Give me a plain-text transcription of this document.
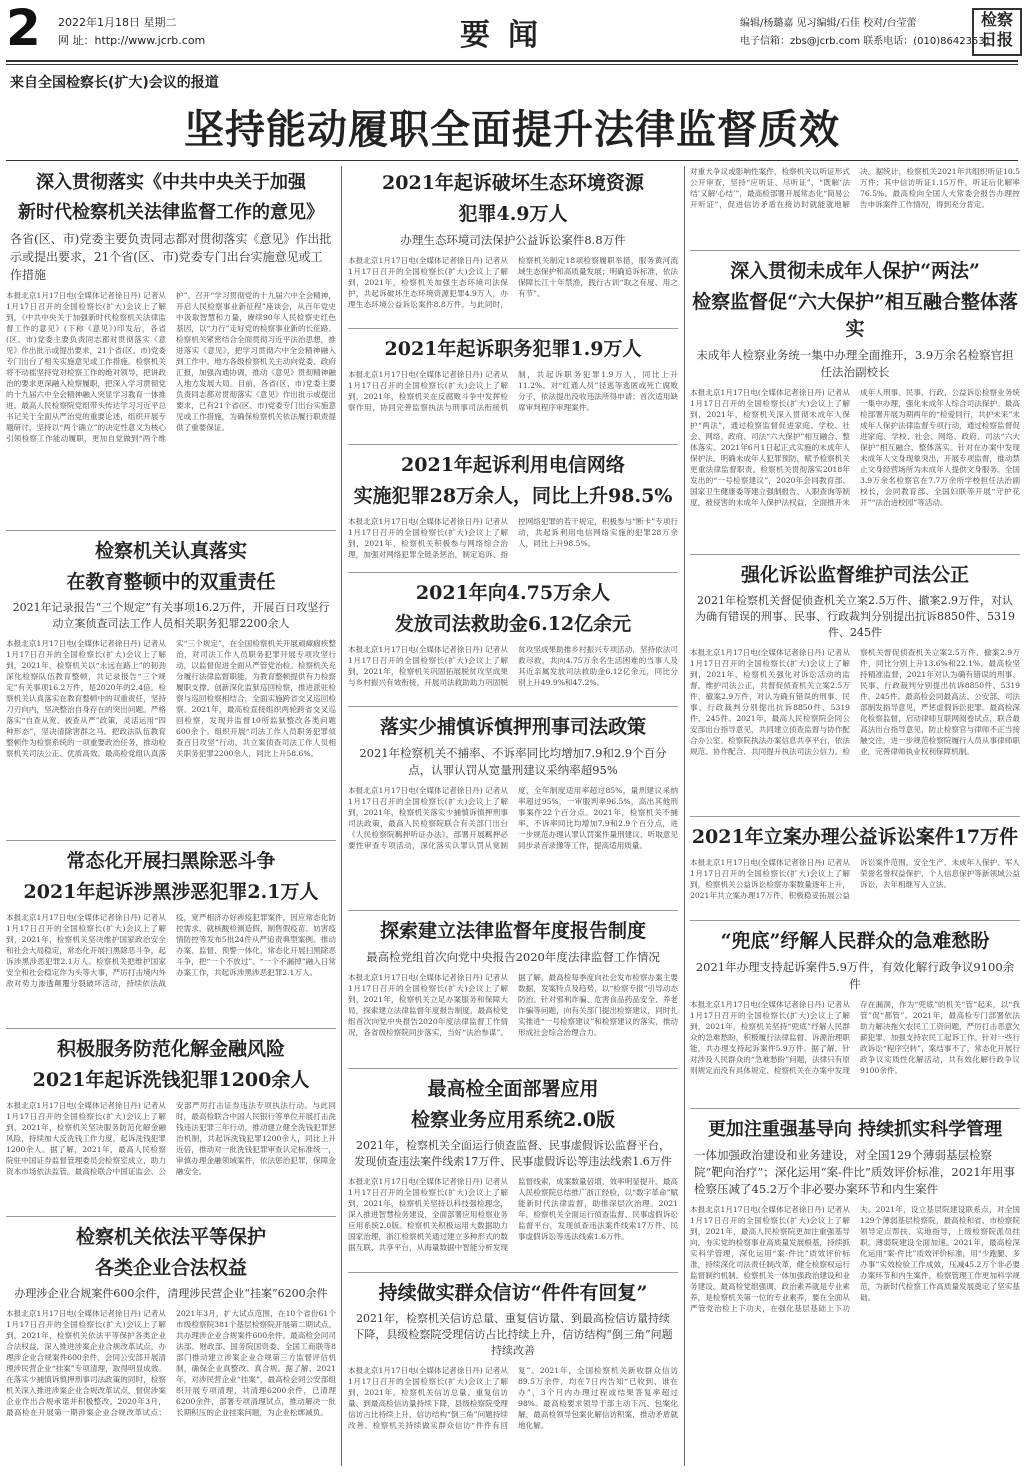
2 2022年1月18日 星期二
网 址：http://www.jcrb.com	要闻	编辑/杨璐嘉 见习编辑/石佳 校对/台莹蕾
电子信箱：zbs@jcrb.com 联系电话：(010)86423531
检察日报
来自全国检察长(扩大)会议的报道
坚持能动履职全面提升法律监督质效
深入贯彻落实《中共中央关于加强
新时代检察机关法律监督工作的意见》
各省(区、市)党委主要负责同志都对贯彻落实《意见》作出批示或提出要求，21个省(区、市)党委专门出台实施意见或工作措施
本报北京1月17日电(全媒体记者徐日丹) 记者从1月17日召开的全国检察长(扩大)会议上了解到，《中共中央关于加强新时代检察机关法律监督工作的意见》(下称《意见》)印发后，各省(区、市)党委主要负责同志都对贯彻落实《意见》作出批示或提出要求，21个省(区、市)党委专门出台了相关实施意见或工作措施。检察机关将不动摇坚持党对检察工作的绝对领导，把讲政治的要求更深融入检察履职，把深入学习贯彻党的十九届六中全会精神融入突显学习教育一体推进。最高人民检察院党组带头传达学习习近平总书记关于全面从严治党的重要论述，组织开展专题研讨，坚持以“两个确立”的决定性意义为核心引领检察工作能动履职，更加自觉做到“两个维护”。召开“学习贯彻党的十九届六中全会精神，开启人民检察事业新征程”座谈会，从百年党史中汲取智慧和力量，赓续90年人民检察史红色基因，以“力行”走好党的检察事业新的长征路。检察机关紧密结合全面贯彻习近平法治思想，推进落实《意见》，把学习贯彻六中全会精神融入到工作中。地方各级检察机关主动向党委、政府汇报，加强沟通协调，推动《意见》贯彻精神融入地方发展大局。目前，各省(区、市)党委主要负责同志都对贯彻落实《意见》作出批示或提出要求，已有21个省(区、市)党委专门出台实施意见或工作措施，为确保检察机关依法履行职责提供了重要保证。
检察机关认真落实
在教育整顿中的双重责任
2021年记录报告“三个规定”有关事项16.2万件，开展百日攻坚行动立案侦查司法工作人员相关职务犯罪2200余人
本报北京1月17日电(全媒体记者徐日丹) 记者从1月17日召开的全国检察长(扩大)会议上了解到，2021年，检察机关以“永远在路上”的韧劲深化检察队伍教育整顿，共记录报告“三个规定”有关事项16.2万件，是2020年的2.4倍。检察机关认真落实在教育整顿中的双重责任，坚持刀刃向内，坚决整治自身存在的突出问题。严格落实“自查从宽、被查从严”政策，灵活运用“四种形态”，坚决清除害群之马。把政法队伍教育整顿作为检察系统的一项重要政治任务，推动检察机关司法公正、优质高效。最高检党组认真落实“三个规定”，在全国检察机关开展顽瘴痼疾整治，对司法工作人员职务犯罪开展专项攻坚行动，以监督促进全面从严管党治检。检察机关充分履行法律监督职能，为教育整顿提供有力检察履职支撑。创新深化监狱巡回检察，推进派驻检察与巡回检察相结合，全面实施跨省交叉巡回检察。2021年，最高检直接组织两轮跨省交叉巡回检察，发现并监督10所监狱整改各类问题600余个。组织开展“司法工作人员职务犯罪侦查百日攻坚”行动，共立案侦查司法工作人员相关职务犯罪2200余人，同比上升58.6%。
常态化开展扫黑除恶斗争
2021年起诉涉黑涉恶犯罪2.1万人
本报北京1月17日电(全媒体记者徐日丹) 记者从1月17日召开的全国检察长(扩大)会议上了解到，2021年，检察机关坚决维护国家政治安全和社会大局稳定，常态化开展扫黑除恶斗争，起诉涉黑涉恶犯罪2.1万人。检察机关把维护国家安全和社会稳定作为头等大事，严厉打击境内外敌对势力渗透颠覆分裂破坏活动，持续依法战疫，宽严相济办好涉疫犯罪案件，因应常态化防控需求，就核酸检测造假、制售假疫苗、妨害疫情防控等发布5批24件从严追责典型案例。推动办案、监督、预警一体化，常态化开展扫黑除恶斗争，把“一个不放过”、“一个不漏掉”融入日常办案工作，共起诉涉黑涉恶犯罪2.1万人。
积极服务防范化解金融风险
2021年起诉洗钱犯罪1200余人
本报北京1月17日电(全媒体记者徐日丹) 记者从1月17日召开的全国检察长(扩大)会议上了解到，2021年，检察机关坚决服务防范化解金融风险，持续加大反洗钱工作力度，起诉洗钱犯罪1200余人。据了解，2021年，最高人民检察院驻中国证券监督管理委员会检察室成立，助力资本市场依法监管。最高检联合中国证监会、公安部严厉打击证券违法专项执法行动。与此同时，最高检联合中国人民银行等单位开展打击洗钱违法犯罪三年行动，推动建立健全洗钱犯罪惩治机制，共起诉洗钱犯罪1200余人，同比上升近倍，推动对一批洗钱犯罪审查认定标准统一，审慎办理金融领域案件，依法惩治犯罪，保障金融安全。
检察机关依法平等保护
各类企业合法权益
办理涉企业合规案件600余件，清理涉民营企业“挂案”6200余件
本报北京1月17日电(全媒体记者徐日丹) 记者从1月17日召开的全国检察长(扩大)会议上了解到，2021年，检察机关依法平等保护各类企业合法权益，深入推进涉案企业合规改革试点，办理涉企业合规案件600余件，会同公安部开展清理涉民营企业“挂案”专项清理，取得明显成效。在落实少捕慎诉慎押刑事司法政策的同时，检察机关深入推进涉案企业合规改革试点，督促涉案企业作出合规承诺并积极整改。2020年3月，最高检在开展第一期涉案企业合规改革试点；2021年3月，扩大试点范围，在10个省份61个市级检察院381个基层检察院开展第二期试点。共办理涉企业合规案件600余件。最高检会同司法部、财政部、国务院国资委、全国工商联等8部门推动建立涉案企业合规第三方监督评估机制，确保企业真整改、真合规。据了解，2021年，对涉民营企业“挂案”，最高检会同公安部组织开展专项清理，共清理6200余件，已清理6200余件，部署专项清理试点，推动解决一批长期积压的企业挂案问题，为企业松绑减负。
2021年起诉破坏生态环境资源
犯罪4.9万人
办理生态环境司法保护公益诉讼案件8.8万件
本报北京1月17日电(全媒体记者徐日丹) 记者从1月17日召开的全国检察长(扩大)会议上了解到，2021年，检察机关加强生态环境司法保护，共起诉破坏生态环境资源犯罪4.9万人，办理生态环境公益诉讼案件8.8万件。与此同时，检察机关制定18项检察履职举措，服务黄河流域生态保护和高质量发展；明确追诉标准，依法保障长江十年禁渔，践行古训“取之有度、用之有节”。
2021年起诉职务犯罪1.9万人
本报北京1月17日电(全媒体记者徐日丹) 记者从1月17日召开的全国检察长(扩大)会议上了解到，2021年，检察机关在反腐败斗争中发挥检察作用，协同完善监察执法与刑事司法衔接机制，共起诉职务犯罪1.9万人，同比上升11.2%。对“红通人员”径逃等逃匿或死亡腐败分子，依法提出没收违法所得申请；首次适用缺席审判程序审理案件。
2021年起诉利用电信网络
实施犯罪28万余人，同比上升98.5%
本报北京1月17日电(全媒体记者徐日丹) 记者从1月17日召开的全国检察长(扩大)会议上了解到，2021年，检察机关积极参与网络综合治理，加强对网络犯罪全链条惩治，制定追诉、指控网络犯罪的若干规定，积极参与“断卡”专项行动，共起诉利用电信网络实施的犯罪28万余人，同比上升98.5%。
2021年向4.75万余人
发放司法救助金6.12亿余元
本报北京1月17日电(全媒体记者徐日丹) 记者从1月17日召开的全国检察长(扩大)会议上了解到，2021年，检察机关巩固拓展脱贫攻坚成果与乡村振兴有效衔接，开展司法救助助力巩固脱贫攻坚成果助推乡村振兴专项活动，坚持依法可救尽救，共向4.75万余名生活困难的当事人及其近亲属发放司法救助金6.12亿余元，同比分别上升49.9%和47.2%。
落实少捕慎诉慎押刑事司法政策
2021年检察机关不捕率、不诉率同比均增加7.9和2.9个百分点，认罪认罚从宽量刑建议采纳率超95%
本报北京1月17日电(全媒体记者徐日丹) 记者从1月17日召开的全国检察长(扩大)会议上了解到，2021年，检察机关落实少捕慎诉慎押刑事司法政策，最高人民检察院联合有关部门出台《人民检察院羁押听证办法》，部署开展羁押必要性审查专项活动，深化落实认罪认罚从宽制度，全年制度适用率超过85%，量刑建议采纳率超过95%，一审服判率96.5%，高出其他刑事案件22个百分点。2021年，检察机关不捕率、不诉率同比均增加7.9和2.9个百分点，进一步规范办理认罪认罚案件量刑建议、听取意见同步录音录像等工作，提高适用质量。
探索建立法律监督年度报告制度
最高检党组首次向党中央报告2020年度法律监督工作情况
本报北京1月17日电(全媒体记者徐日丹) 记者从1月17日召开的全国检察长(扩大)会议上了解到，2021年，检察机关立足办案服务和保障大局，探索建立法律监督年度报告制度，最高检党组首次向党中央报告2020年度法律监督工作情况，各省级检察院同步落实，当好“法治参谋”。据了解，最高检每季度向社会发布检察办案主要数据，发案特点及趋势，以“检察专报”引导动态防治。针对邪利诈骗、危害食品药品安全、养老诈骗等问题，向有关部门提出检察建议，同时扎实推进“一号检察建议”和检察建议的落实，推动形成社会综合治理合力。
最高检全面部署应用
检察业务应用系统2.0版
2021年，检察机关全面运行侦查监督、民事虚假诉讼监督平台，发现侦查违法案件线索17万件、民事虚假诉讼等违法线索1.6万件
本报北京1月17日电(全媒体记者徐日丹) 记者从1月17日召开的全国检察长(扩大)会议上了解到，2021年，检察机关坚持以科技强检理念，深入推进智慧检务建设，全面部署应用检察业务应用系统2.0版。检察机关积极运用大数据助力国家治理，浙江检察机关通过建立多种形式的数据互联、共享平台，从海量数据中智能分析发现监督线索，成案数量倍增，效率明显提升。最高人民检察院总结推广浙江经验，以“数字革命”赋能新时代法律监督，助推深层次治理。2021年，检察机关全面运行侦查监督、民事虚假诉讼监督平台，发现侦查违法案件线索17万件、民事虚假诉讼等违法线索1.6万件。
持续做实群众信访“件件有回复”
2021年，检察机关信访总量、重复信访量、到最高检信访量持续下降，县级检察院受理信访占比持续上升，信访结构“倒三角”问题持续改善
本报北京1月17日电(全媒体记者徐日丹) 记者从1月17日召开的全国检察长(扩大)会议上了解到，2021年，检察机关信访总量、重复信访量、到最高检信访量持续下降，县级检察院受理信访占比持续上升，信访结构“倒三角”问题持续改善。检察机关持续做实群众信访“件件有回复”。2021年，全国检察机关新收群众信访89.5万余件，均在7日内告知“已收到、谁在办”，3个月内办理过程或结果答复率超过98%。最高检要求领导干部主动下沉、包案化解，最高检领导包案化解信访积案，推动矛盾就地化解。
对重大争议或影响性案件，检察机关以听证形式公开审查，坚持“应听证、尽听证”，“既解‘法结’又解‘心结’”，最高检部署开展常态化“简易公开听证”，促进信访矛盾在接访时就能就地解决。据统计，检察机关2021年共组织听证10.5万件；其中信访听证1.15万件，听证后化解率76.5%。最高检向全国人大常委会报告办理控告申诉案件工作情况，得到充分肯定。
深入贯彻未成年人保护“两法”
检察监督促“六大保护”相互融合整体落实
未成年人检察业务统一集中办理全面推开，3.9万余名检察官担任法治副校长
本报北京1月17日电(全媒体记者徐日丹) 记者从1月17日召开的全国检察长(扩大)会议上了解到，2021年，检察机关深入贯彻未成年人保护“两法”，通过检察监督促进家庭、学校、社会、网络、政府、司法“六大保护”相互融合、整体落实。2021年6月1日起正式实施的未成年人保护法，明确未成年人犯罪预防，赋予检察机关更重法律监督职责。检察机关贯彻落实2018年发出的“一号检察建议”，2020年会同教育部、国家卫生健康委等建立强制报告、入职查询等制度，被侵害的未成年人保护法权益，全面推开未成年人刑事、民事、行政、公益诉讼检察业务统一集中办理，强化未成年人综合司法保护。最高检部署开展为期两年的“检爱同行，共护未来”未成年人保护法律监督专项行动，通过检察监督促进家庭、学校、社会、网络、政府、司法“六大保护”相互融合、整体落实。针对在办案中发现未成年人文身现象突出，开展专项监督，推动禁止文身经营场所为未成年人提供文身服务。全国3.9万余名检察官在7.7万余所学校担任法治副校长，会同教育部、全国妇联等开展“守护花开”“法治进校园”等活动。
强化诉讼监督维护司法公正
2021年检察机关督促侦查机关立案2.5万件、撤案2.9万件，对认为确有错误的刑事、民事、行政裁判分别提出抗诉8850件、5319件、245件
本报北京1月17日电(全媒体记者徐日丹) 记者从1月17日召开的全国检察长(扩大)会议上了解到，2021年，检察机关强化对诉讼活动的监督，维护司法公正，共督促侦查机关立案2.5万件、撤案2.9万件，对认为确有错误的刑事、民事、行政裁判分别提出抗诉8850件、5319件、245件。2021年，最高人民检察院会同公安部出台指导意见，共同建立侦查监督与协作配合办公室、检察院执法办案信息共享平台，依法规范、协作配合、共同提升执法司法公信力。检察机关督促侦查机关立案2.5万件、撤案2.9万件，同比分别上升13.6%和22.1%。最高检坚持精准监督，2021年对认为确有错误的刑事、民事、行政裁判分别提出抗诉8850件、5319件、245件。最高检会同最高法、公安部、司法部制发指导意见，严惩虚假诉讼犯罪。最高检深化检察监督，启动律师互联网阅卷试点，联合最高法出台指导意见，防止检察官与律师不正当接触交往，进一步规范检察院履行人员从事律师职业，完善律师执业权利保障机制。
2021年立案办理公益诉讼案件17万件
本报北京1月17日电(全媒体记者徐日丹) 记者从1月17日召开的全国检察长(扩大)会议上了解到，检察机关公益诉讼检察办案数量逐年上升，2021年共立案办理17万件，积极稳妥拓展公益诉讼案件范围，安全生产、未成年人保护、军人荣誉名誉权益保护、个人信息保护等新领域公益诉讼，去年相继写入立法。
“兜底”纾解人民群众的急难愁盼
2021年办理支持起诉案件5.9万件，有效化解行政争议9100余件
本报北京1月17日电(全媒体记者徐日丹) 记者从1月17日召开的全国检察长(扩大)会议上了解到，2021年，检察机关坚持“兜底”纾解人民群众的急难愁盼，积极履行法律监督、诉源治理职能，共办理支持起诉案件5.9万件。据了解，针对涉及人民群众的“急难愁盼”问题，法律只有原则规定而没有具体规定、检察机关在办案中发现存在漏洞，作为“兜底”的机关“管”起来，以“我管”促“都管”。2021年，最高检专门部署依法助力解决拖欠农民工工资问题，严厉打击恶意欠薪犯罪，加强支持农民工起诉工作。针对一些行政诉讼“程序空转”，案结事不了，常态化开展行政争议实质性化解活动，共有效化解行政争议9100余件。
更加注重强基导向 持续抓实科学管理
一体加强政治建设和业务建设，对全国129个薄弱基层检察院“靶向治疗”；深化运用“案-件比”质效评价标准，2021年用事检察压减了45.2万个非必要办案环节和内生案件
本报北京1月17日电(全媒体记者徐日丹) 记者从1月17日召开的全国检察长(扩大)会议上了解到，2021年，最高人民检察院更加注重强基导向，夯实党的检察事业高质量发展根基，持续抓实科学管理，深化运用“案-件比”质效评价标准，持续深化司法责任制改革，健全检察权运行监督制约机制。检察机关一体加强政治建设和业务建设。最高检党组强调，政治素养就是专业素养，是检察机关第一位的专业素养，要在全面从严管党治检上下功夫，在强化基层基础上下功夫。2021年，设立基层院建设联系点，对全国129个薄弱基层检察院，最高检和省、市检察院领导定点帮扶、实地指导，上级检察院派员挂职。薄弱院建设全面加速。2021年，最高检深化运用“案-件比”质效评价标准，用“少跑腿、多办事”实效检验工作成效，压减45.2万个非必要办案环节和内生案件，检察管理工作更加科学规范，为新时代检察工作高质量发展奠定了坚实基础。
